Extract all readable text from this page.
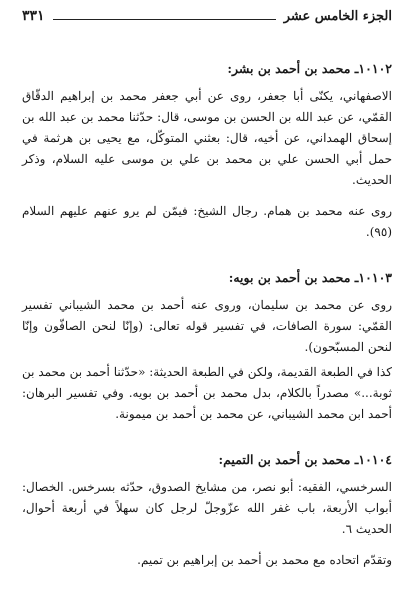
الجزء الخامس عشر
٣٣١
١٠١٠٢ـ محمد بن أحمد بن بشر:

الاصفهاني، يكنّى أبا جعفر، روى عن أبي جعفر محمد بن إبراهيم الدقّاق القمّي، عن عبد الله بن الحسن بن موسى، قال: حدّثنا محمد بن عبد الله بن إسحاق الهمداني، عن أخيه، قال: بعثني المتوكّل، مع يحيى بن هرثمة في حمل أبي الحسن علي بن محمد بن علي بن موسى عليه السلام، وذكر الحديث.

روى عنه محمد بن همام. رجال الشيخ: فيمّن لم يرو عنهم عليهم السلام (٩٥).

١٠١٠٣ـ محمد بن أحمد بن بويه:

روى عن محمد بن سليمان، وروى عنه أحمد بن محمد الشيباني تفسير القمّي: سورة الصافات، في تفسير قوله تعالى: (وإنّا لنحن الصافّون وإنّا لنحن المسبّحون).

كذا في الطبعة القديمة، ولكن في الطبعة الحديثة: «حدّثنا أحمد بن محمد بن ثوبة...» مصدراً بالكلام، بدل محمد بن أحمد بن بويه. وفي تفسير البرهان: أحمد ابن محمد الشيباني، عن محمد بن أحمد بن ميمونة.

١٠١٠٤ـ محمد بن أحمد بن التميم:

السرخسي، الفقيه: أبو نصر، من مشايخ الصدوق، حدّثه بسرخس. الخصال: أبواب الأربعة، باب غفر الله عزّوجلّ لرجل كان سهلاً في أربعة أحوال، الحديث ٦.

وتقدّم اتحاده مع محمد بن أحمد بن إبراهيم بن تميم.
